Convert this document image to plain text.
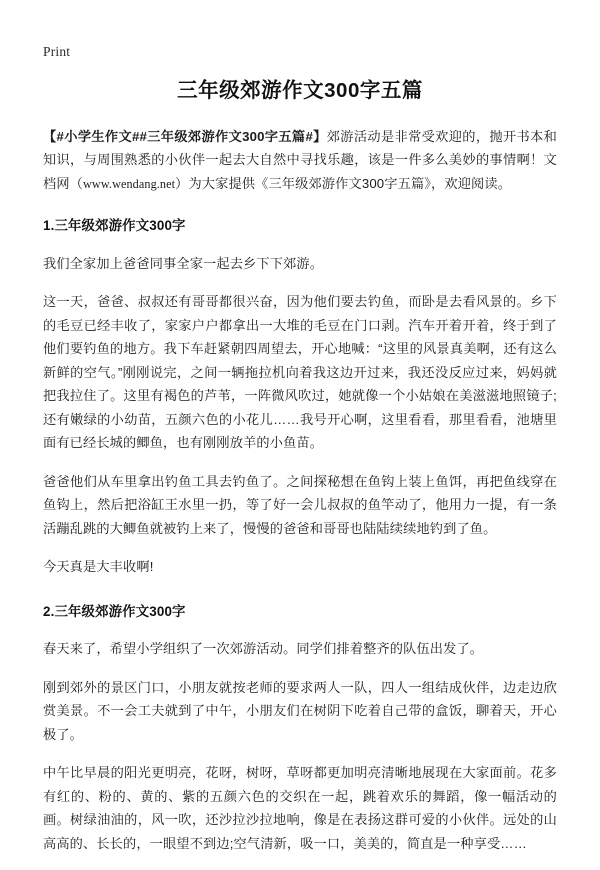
Print
三年级郊游作文300字五篇

【#小学生作文##三年级郊游作文300字五篇#】郊游活动是非常受欢迎的，抛开书本和知识，与周围熟悉的小伙伴一起去大自然中寻找乐趣，该是一件多么美妙的事情啊！文档网（www.wendang.net）为大家提供《三年级郊游作文300字五篇》，欢迎阅读。

1.三年级郊游作文300字

我们全家加上爸爸同事全家一起去乡下下郊游。

这一天，爸爸、叔叔还有哥哥都很兴奋，因为他们要去钓鱼，而卧是去看风景的。乡下的毛豆已经丰收了，家家户户都拿出一大堆的毛豆在门口剥。汽车开着开着，终于到了他们要钓鱼的地方。我下车赶紧朝四周望去，开心地喊：“这里的风景真美啊，还有这么新鲜的空气。”刚刚说完，之间一辆拖拉机向着我这边开过来，我还没反应过来，妈妈就把我拉住了。这里有褐色的芦苇，一阵微风吹过，她就像一个小姑娘在美滋滋地照镜子;还有嫩绿的小幼苗，五颜六色的小花儿……我号开心啊，这里看看，那里看看，池塘里面有已经长城的鲫鱼，也有刚刚放羊的小鱼苗。

爸爸他们从车里拿出钓鱼工具去钓鱼了。之间探秘想在鱼钩上装上鱼饵，再把鱼线穿在鱼钩上，然后把浴缸王水里一扔，等了好一会儿叔叔的鱼竿动了，他用力一提，有一条活蹦乱跳的大鲫鱼就被钓上来了，慢慢的爸爸和哥哥也陆陆续续地钓到了鱼。

今天真是大丰收啊!

2.三年级郊游作文300字

春天来了，希望小学组织了一次郊游活动。同学们排着整齐的队伍出发了。

刚到郊外的景区门口，小朋友就按老师的要求两人一队，四人一组结成伙伴，边走边欣赏美景。不一会工夫就到了中午，小朋友们在树阴下吃着自己带的盒饭，聊着天，开心极了。

中午比早晨的阳光更明亮，花呀，树呀，草呀都更加明亮清晰地展现在大家面前。花多有红的、粉的、黄的、紫的五颜六色的交织在一起，跳着欢乐的舞蹈，像一幅活动的画。树绿油油的，风一吹，还沙拉沙拉地响，像是在表扬这群可爱的小伙伴。远处的山高高的、长长的，一眼望不到边;空气清新，吸一口，美美的，简直是一种享受……
